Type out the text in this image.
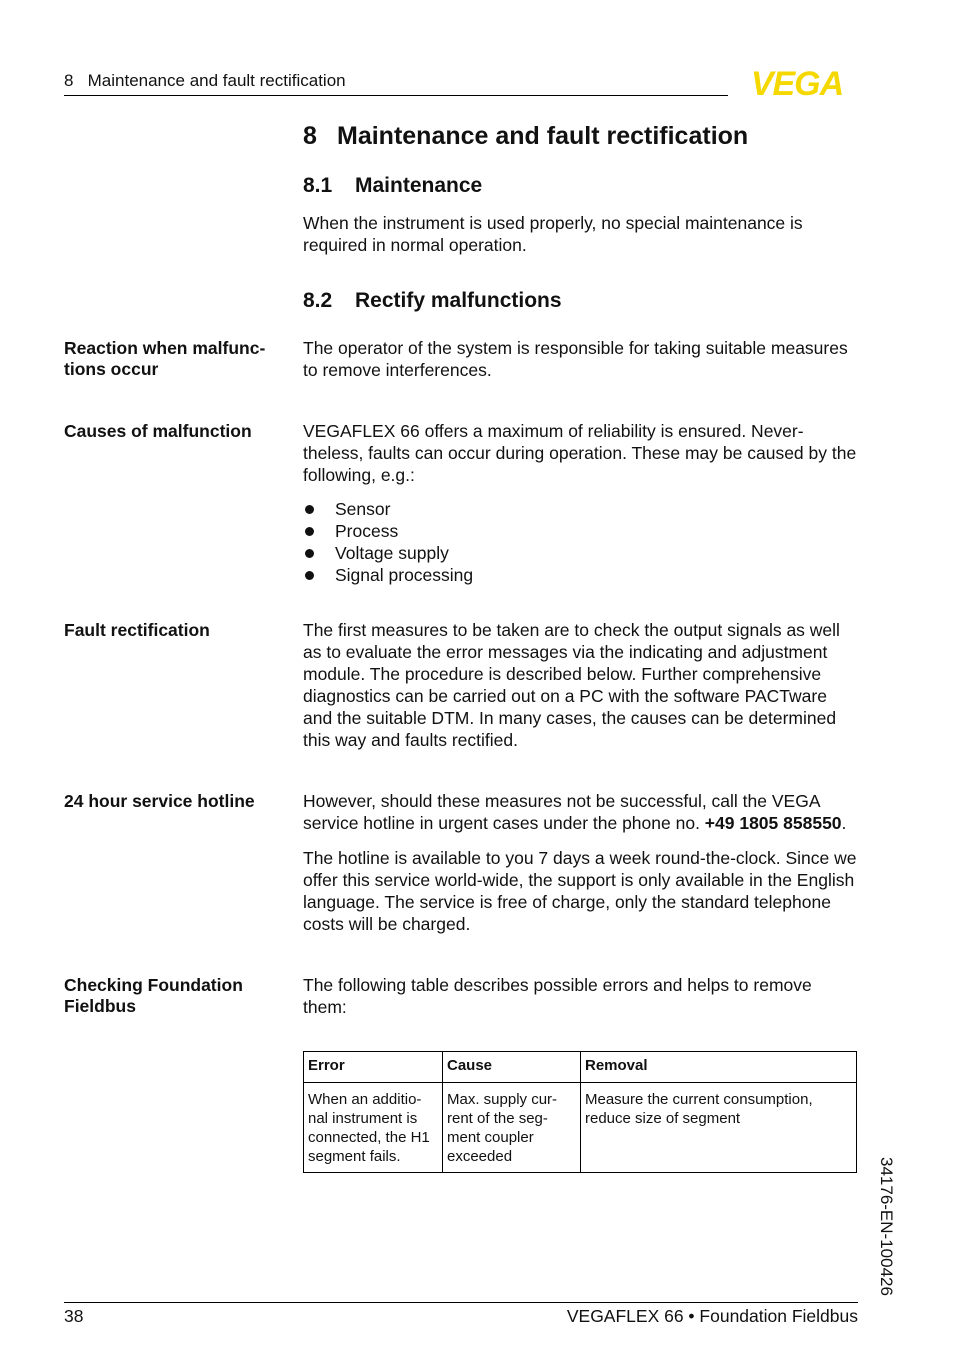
8   Maintenance and fault rectification	VEGA
8 Maintenance and fault rectification
8.1 Maintenance
When the instrument is used properly, no special maintenance is required in normal operation.
8.2 Rectify malfunctions
Reaction when malfunc-
tions occur
The operator of the system is responsible for taking suitable measures to remove interferences.
Causes of malfunction	VEGAFLEX 66 offers a maximum of reliability is ensured. Never-theless, faults can occur during operation. These may be caused by the following, e.g.:
Sensor
Process
Voltage supply
Signal processing
Fault rectification	The first measures to be taken are to check the output signals as well as to evaluate the error messages via the indicating and adjustment module. The procedure is described below. Further comprehensive diagnostics can be carried out on a PC with the software PACTware and the suitable DTM. In many cases, the causes can be determined this way and faults rectified.
24 hour service hotline	However, should these measures not be successful, call the VEGA service hotline in urgent cases under the phone no. +49 1805 858550.
The hotline is available to you 7 days a week round-the-clock. Since we offer this service world-wide, the support is only available in the English language. The service is free of charge, only the standard telephone costs will be charged.
Checking Foundation
Fieldbus
The following table describes possible errors and helps to remove them:
Error	Cause	Removal
When an additio-nal instrument is connected, the H1 segment fails.	Max. supply cur-rent of the seg-ment coupler exceeded	Measure the current consumption, reduce size of segment
34176-EN-100426
38	VEGAFLEX 66 • Foundation Fieldbus
